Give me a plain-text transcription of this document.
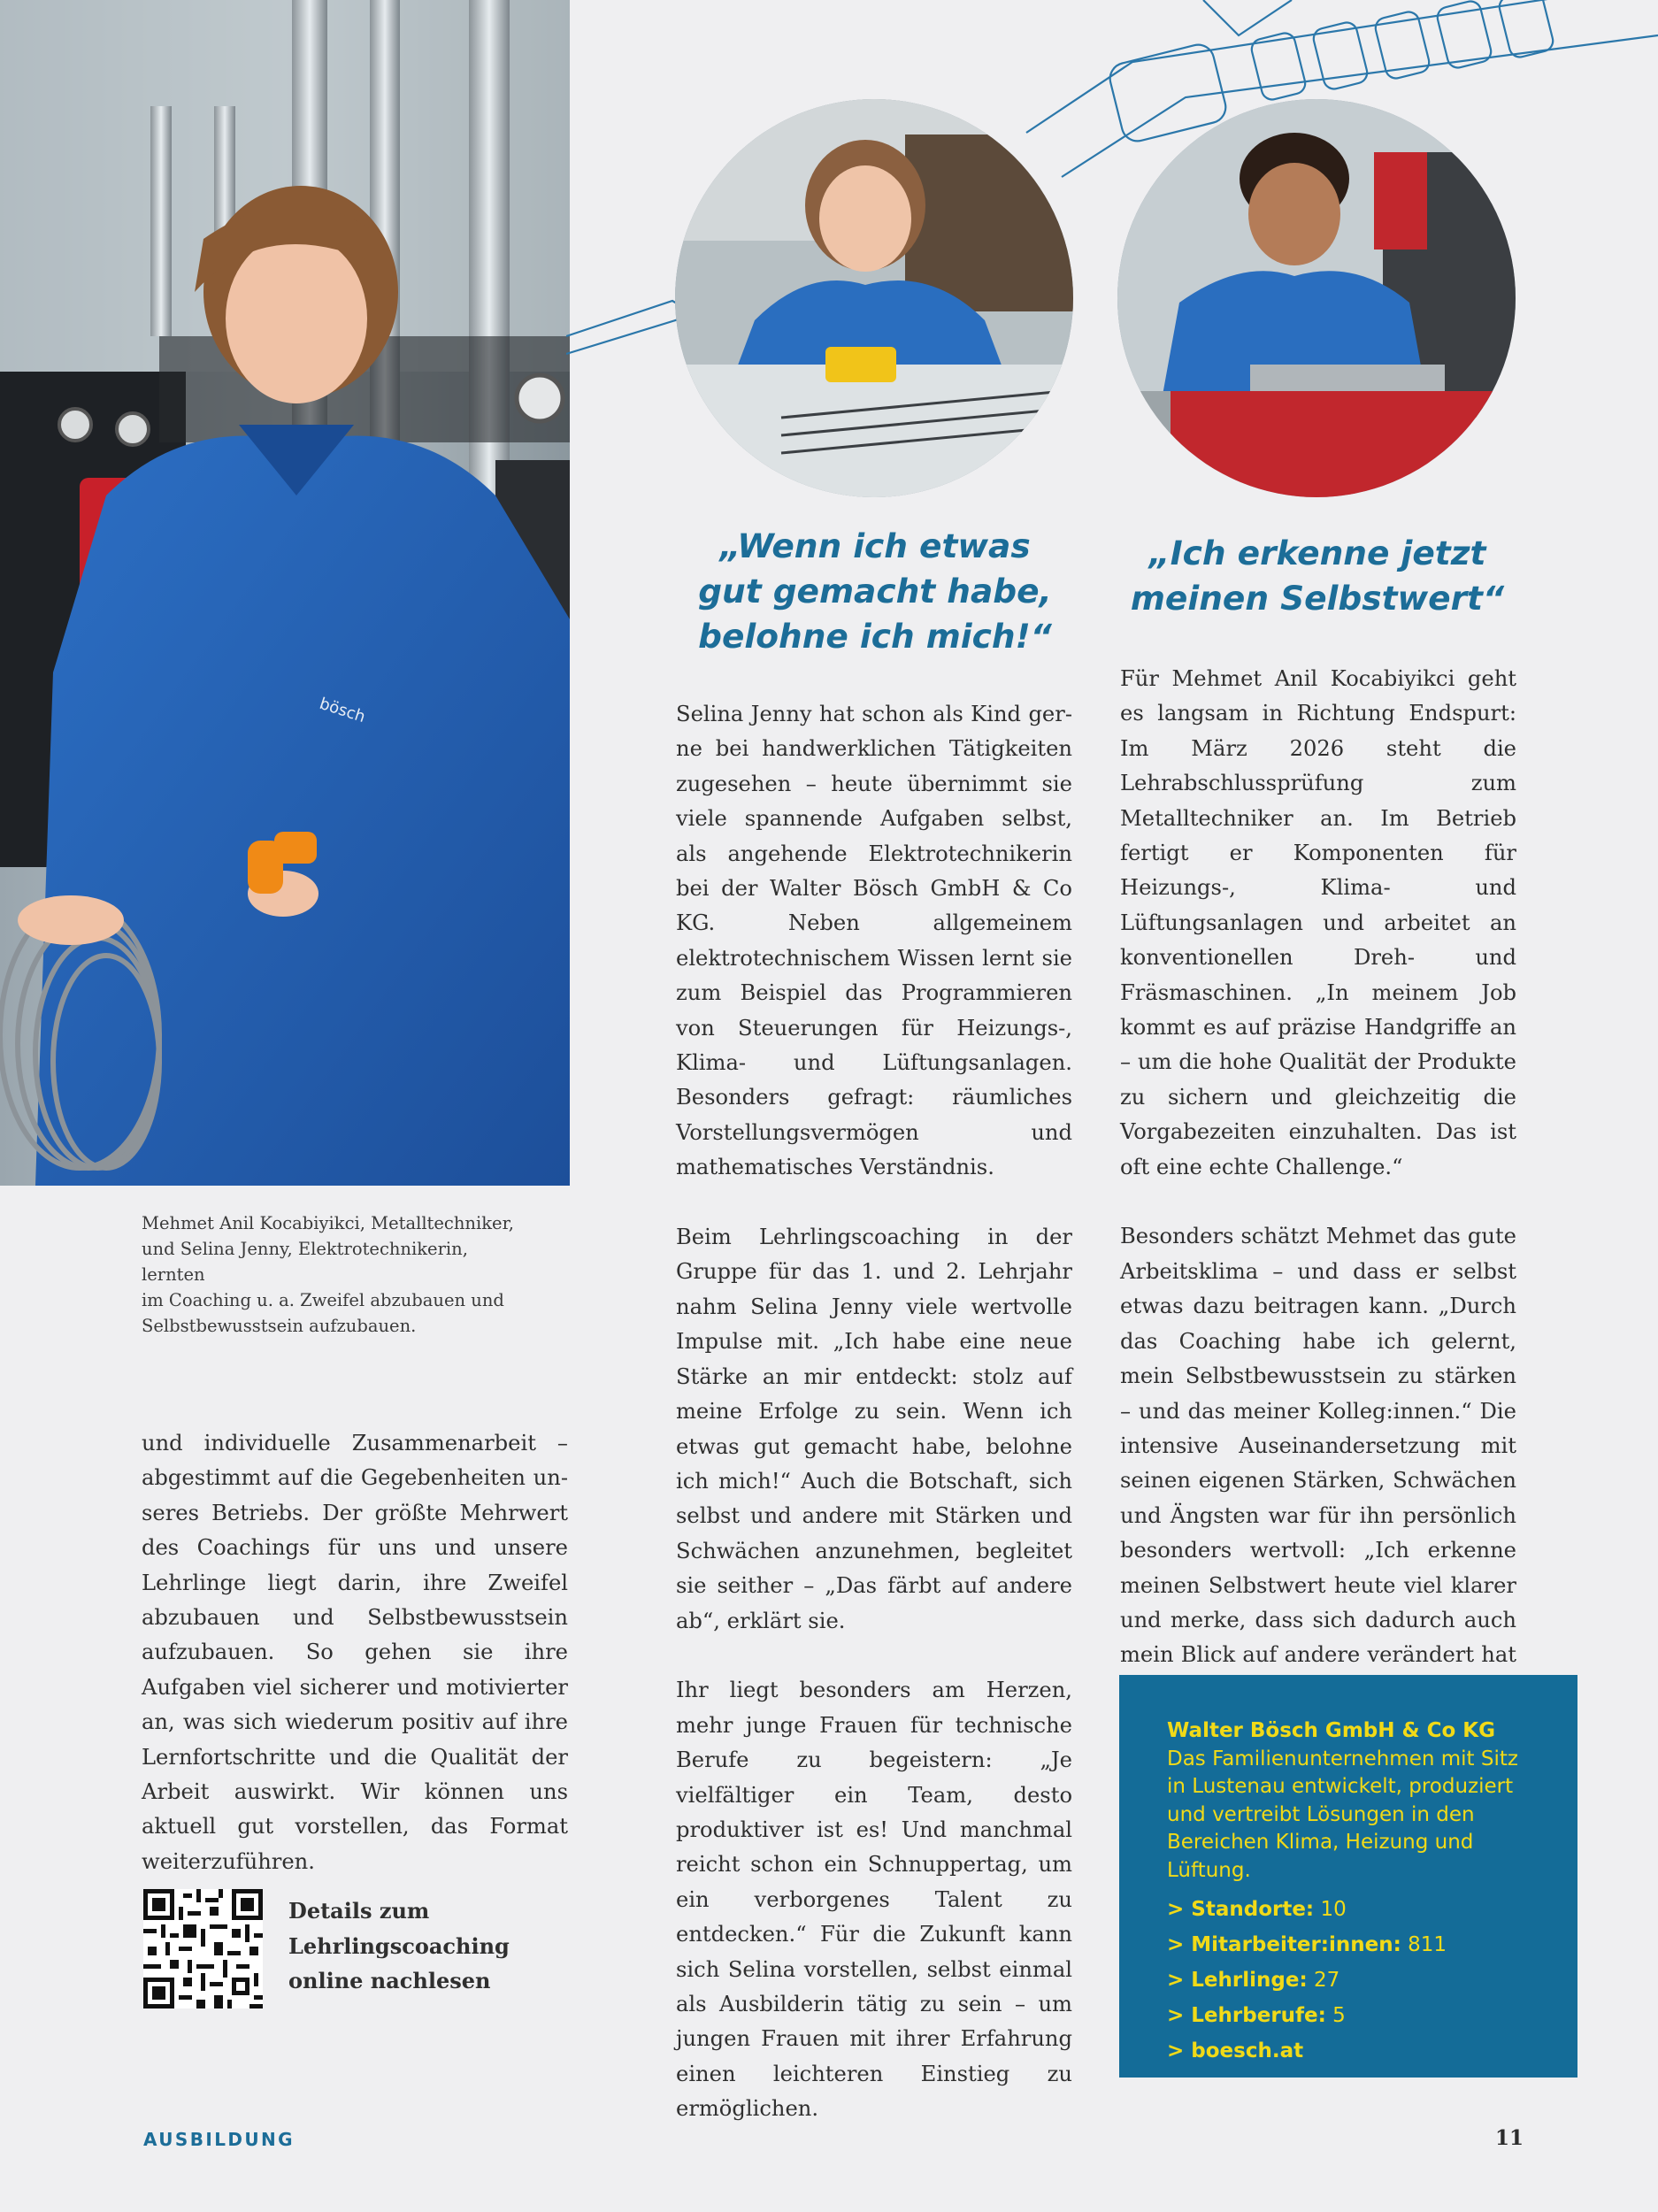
bösch
Mehmet Anil Kocabiyikci, Metalltechniker,
und Selina Jenny, Elektrotechnikerin, lernten
im Coaching u. a. Zweifel abzubauen und
Selbstbewusstsein aufzubauen.
„Wenn ich etwas
gut gemacht habe,
belohne ich mich!“
„Ich erkenne jetzt
meinen Selbstwert“

und individuelle Zusammenarbeit – abgestimmt auf die Gegebenheiten unseres Betriebs. Der größte Mehrwert des Coachings für uns und unsere Lehrlinge liegt darin, ihre Zweifel abzubauen und Selbstbewusstsein aufzubauen. So gehen sie ihre Aufgaben viel sicherer und motivierter an, was sich wiederum positiv auf ihre Lernfortschritte und die Qualität der Arbeit auswirkt. Wir können uns aktuell gut vorstellen, das Format weiterzuführen.

Selina Jenny hat schon als Kind gerne bei handwerklichen Tätigkeiten zugesehen – heute übernimmt sie viele spannende Aufgaben selbst, als angehende Elektrotechnikerin bei der Walter Bösch GmbH & Co KG. Neben allgemeinem elektrotechnischem Wissen lernt sie zum Beispiel das Programmieren von Steuerungen für Heizungs-, Klima- und Lüftungsanlagen. Besonders gefragt: räumliches Vorstellungsvermögen und mathematisches Verständnis.

Beim Lehrlingscoaching in der Gruppe für das 1. und 2. Lehrjahr nahm Selina Jenny viele wertvolle Impulse mit. „Ich habe eine neue Stärke an mir entdeckt: stolz auf meine Erfolge zu sein. Wenn ich etwas gut gemacht habe, belohne ich mich!“ Auch die Botschaft, sich selbst und andere mit Stärken und Schwächen anzunehmen, begleitet sie seither – „Das färbt auf andere ab“, erklärt sie.

Ihr liegt besonders am Herzen, mehr junge Frauen für technische Berufe zu begeistern: „Je vielfältiger ein Team, desto produktiver ist es! Und manchmal reicht schon ein Schnuppertag, um ein verborgenes Talent zu entdecken.“ Für die Zukunft kann sich Selina vorstellen, selbst einmal als Ausbilderin tätig zu sein – um jungen Frauen mit ihrer Erfahrung einen leichteren Einstieg zu ermöglichen.

Für Mehmet Anil Kocabiyikci geht es langsam in Richtung Endspurt: Im März 2026 steht die Lehrabschlussprüfung zum Metalltechniker an. Im Betrieb fertigt er Komponenten für Heizungs-, Klima- und Lüftungsanlagen und arbeitet an konventionellen Dreh- und Fräsmaschinen. „In meinem Job kommt es auf präzise Handgriffe an – um die hohe Qualität der Produkte zu sichern und gleichzeitig die Vorgabezeiten einzuhalten. Das ist oft eine echte Challenge.“

Besonders schätzt Mehmet das gute Arbeitsklima – und dass er selbst etwas dazu beitragen kann. „Durch das Coaching habe ich gelernt, mein Selbstbewusstsein zu stärken – und das meiner Kolleg:innen.“ Die intensive Auseinandersetzung mit seinen eigenen Stärken, Schwächen und Ängsten war für ihn persönlich besonders wertvoll: „Ich erkenne meinen Selbstwert heute viel klarer und merke, dass sich dadurch auch mein Blick auf andere verändert hat

Details zum
Lehrlingscoaching
online nachlesen
Walter Bösch GmbH & Co KG
Das Familienunternehmen mit Sitz in Lustenau entwickelt, produziert und vertreibt Lösungen in den Bereichen Klima, Heizung und Lüftung.
> Standorte: 10
> Mitarbeiter:innen: 811
> Lehrlinge: 27
> Lehrberufe: 5
> boesch.at
AUSBILDUNG	11
